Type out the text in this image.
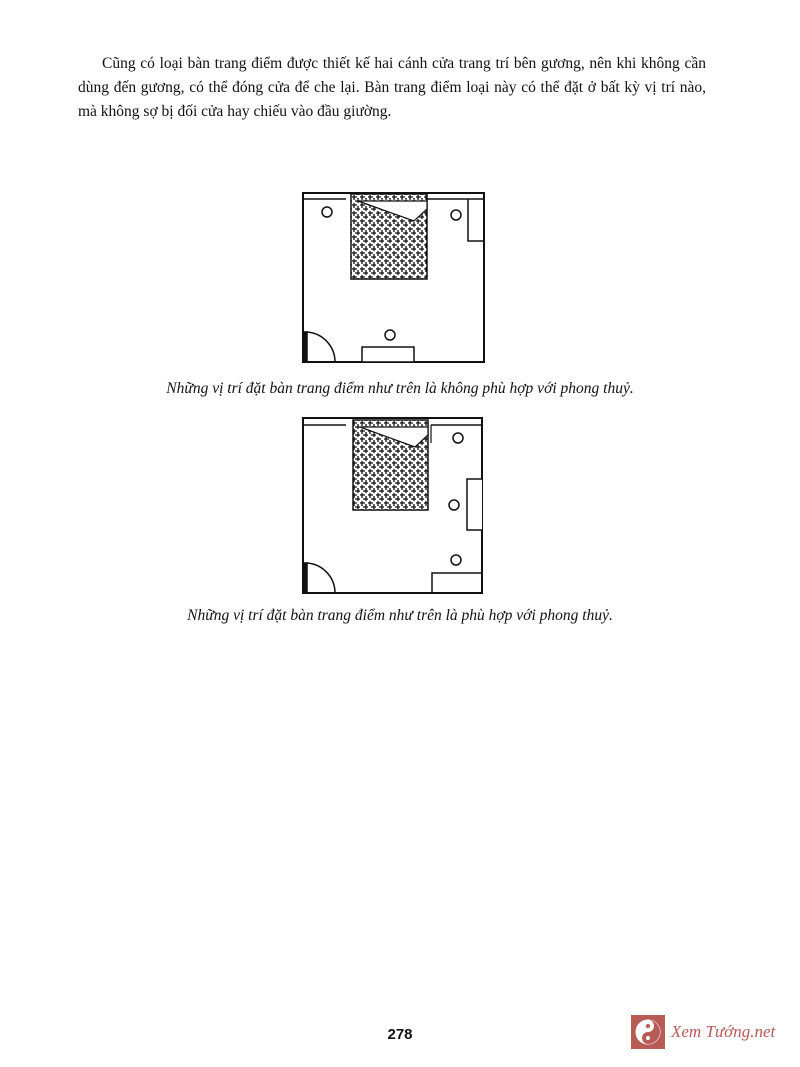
Cũng có loại bàn trang điểm được thiết kế hai cánh cửa trang trí bên gương, nên khi không cần dùng đến gương, có thể đóng cửa để che lại. Bàn trang điểm loại này có thể đặt ở bất kỳ vị trí nào, mà không sợ bị đối cửa hay chiếu vào đầu giường.

Những vị trí đặt bàn trang điểm như trên là không phù hợp với phong thuỷ.

Những vị trí đặt bàn trang điểm như trên là phù hợp với phong thuỷ.

278	Xem Tướng.net
